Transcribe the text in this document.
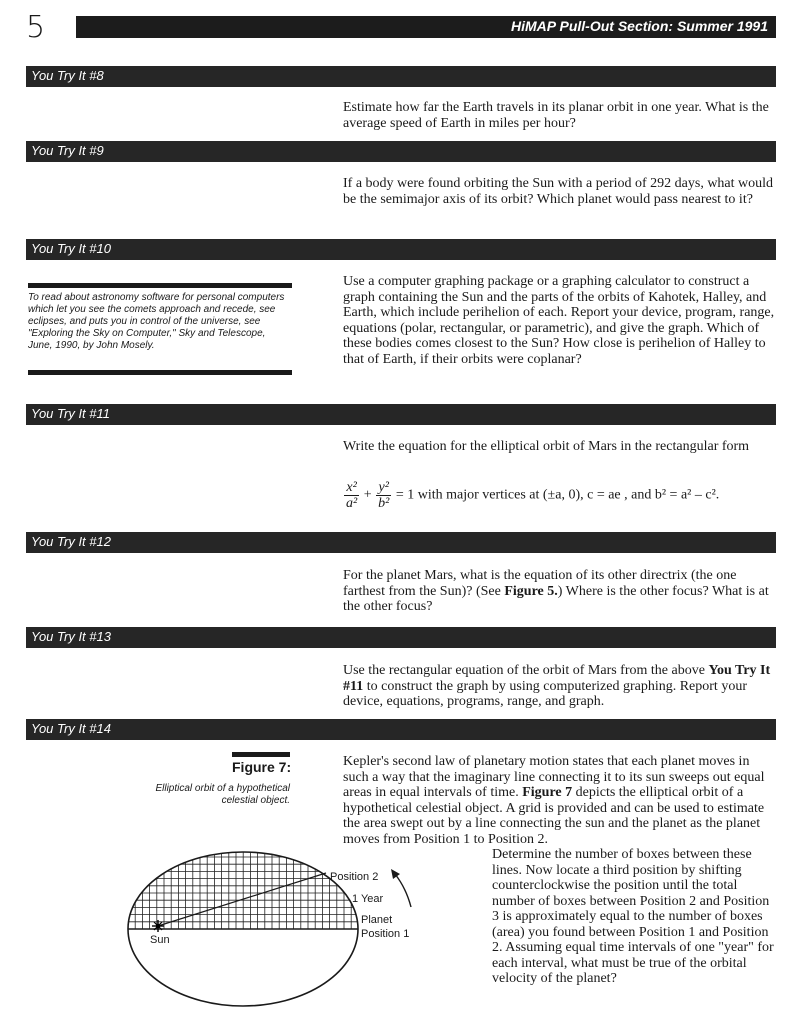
5	HiMAP Pull-Out Section: Summer 1991
You Try It #8
Estimate how far the Earth travels in its planar orbit in one year. What is the average speed of Earth in miles per hour?
You Try It #9
If a body were found orbiting the Sun with a period of 292 days, what would be the semimajor axis of its orbit? Which planet would pass nearest to it?
You Try It #10
To read about astronomy software for personal computers which let you see the comets approach and recede, see eclipses, and puts you in control of the universe, see "Exploring the Sky on Computer," Sky and Telescope, June, 1990, by John Mosely.
Use a computer graphing package or a graphing calculator to construct a graph containing the Sun and the parts of the orbits of Kahotek, Halley, and Earth, which include perihelion of each. Report your device, program, range, equations (polar, rectangular, or parametric), and give the graph. Which of these bodies comes closest to the Sun? How close is perihelion of Halley to that of Earth, if their orbits were coplanar?
You Try It #11
Write the equation for the elliptical orbit of Mars in the rectangular form
$\frac{\text{x²}}{\text{a²}} + \frac{\text{y²}}{\text{b²}} = 1$ with major vertices at (±a, 0), c = ae , and b² = a² – c².
You Try It #12
For the planet Mars, what is the equation of its other directrix (the one farthest from the Sun)? (See Figure 5.) Where is the other focus? What is at the other focus?
You Try It #13
Use the rectangular equation of the orbit of Mars from the above You Try It #11 to construct the graph by using computerized graphing. Report your device, equations, programs, range, and graph.
You Try It #14
Figure 7:
Elliptical orbit of a hypothetical celestial object.
Kepler's second law of planetary motion states that each planet moves in such a way that the imaginary line connecting it to its sun sweeps out equal areas in equal intervals of time. Figure 7 depicts the elliptical orbit of a hypothetical celestial object. A grid is provided and can be used to estimate the area swept out by a line connecting the sun and the planet as the planet moves from Position 1 to Position 2.
Determine the number of boxes between these lines. Now locate a third position by shifting counterclockwise the position until the total number of boxes between Position 2 and Position 3 is approximately equal to the number of boxes (area) you found between Position 1 and Position 2. Assuming equal time intervals of one "year" for each interval, what must be true of the orbital velocity of the planet?
Position 2
1 Year
Planet
Position 1
Sun
